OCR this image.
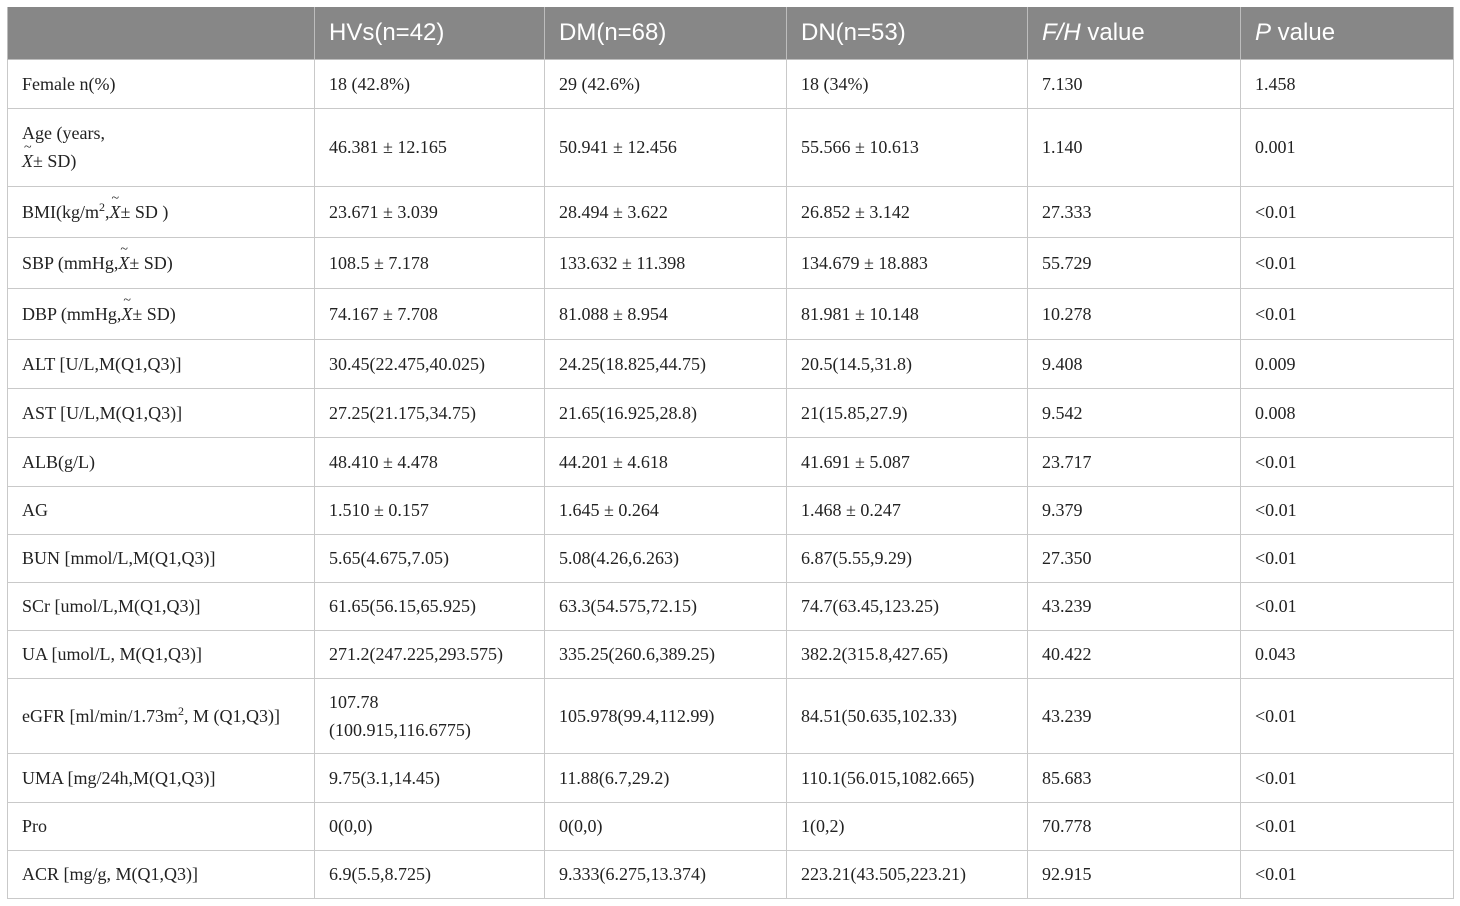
	HVs(n=42)	DM(n=68)	DN(n=53)	F/H value	P value
Female n(%)	18 (42.8%)	29 (42.6%)	18 (34%)	7.130	1.458
Age (years,
~ X± SD)	46.381 ± 12.165	50.941 ± 12.456	55.566 ± 10.613	1.140	0.001
$BMI(kg/m^2,\sim$ X± SD )	23.671 ± 3.039	28.494 ± 3.622	26.852 ± 3.142	27.333	<0.01
SBP (mmHg,~ X± SD)	108.5 ± 7.178	133.632 ± 11.398	134.679 ± 18.883	55.729	<0.01
DBP (mmHg,~ X± SD)	74.167 ± 7.708	81.088 ± 8.954	81.981 ± 10.148	10.278	<0.01
ALT [U/L,M(Q1,Q3)]	30.45(22.475,40.025)	24.25(18.825,44.75)	20.5(14.5,31.8)	9.408	0.009
AST [U/L,M(Q1,Q3)]	27.25(21.175,34.75)	21.65(16.925,28.8)	21(15.85,27.9)	9.542	0.008
ALB(g/L)	48.410 ± 4.478	44.201 ± 4.618	41.691 ± 5.087	23.717	<0.01
AG	1.510 ± 0.157	1.645 ± 0.264	1.468 ± 0.247	9.379	<0.01
BUN [mmol/L,M(Q1,Q3)]	5.65(4.675,7.05)	5.08(4.26,6.263)	6.87(5.55,9.29)	27.350	<0.01
SCr [umol/L,M(Q1,Q3)]	61.65(56.15,65.925)	63.3(54.575,72.15)	74.7(63.45,123.25)	43.239	<0.01
UA [umol/L, M(Q1,Q3)]	271.2(247.225,293.575)	335.25(260.6,389.25)	382.2(315.8,427.65)	40.422	0.043
eGFR [$ml/\min/1.73m^2$, M (Q1,Q3)]	107.78
(100.915,116.6775)	105.978(99.4,112.99)	84.51(50.635,102.33)	43.239	<0.01
UMA [mg/24h,M(Q1,Q3)]	9.75(3.1,14.45)	11.88(6.7,29.2)	110.1(56.015,1082.665)	85.683	<0.01
Pro	0(0,0)	0(0,0)	1(0,2)	70.778	<0.01
ACR [mg/g, M(Q1,Q3)]	6.9(5.5,8.725)	9.333(6.275,13.374)	223.21(43.505,223.21)	92.915	<0.01
